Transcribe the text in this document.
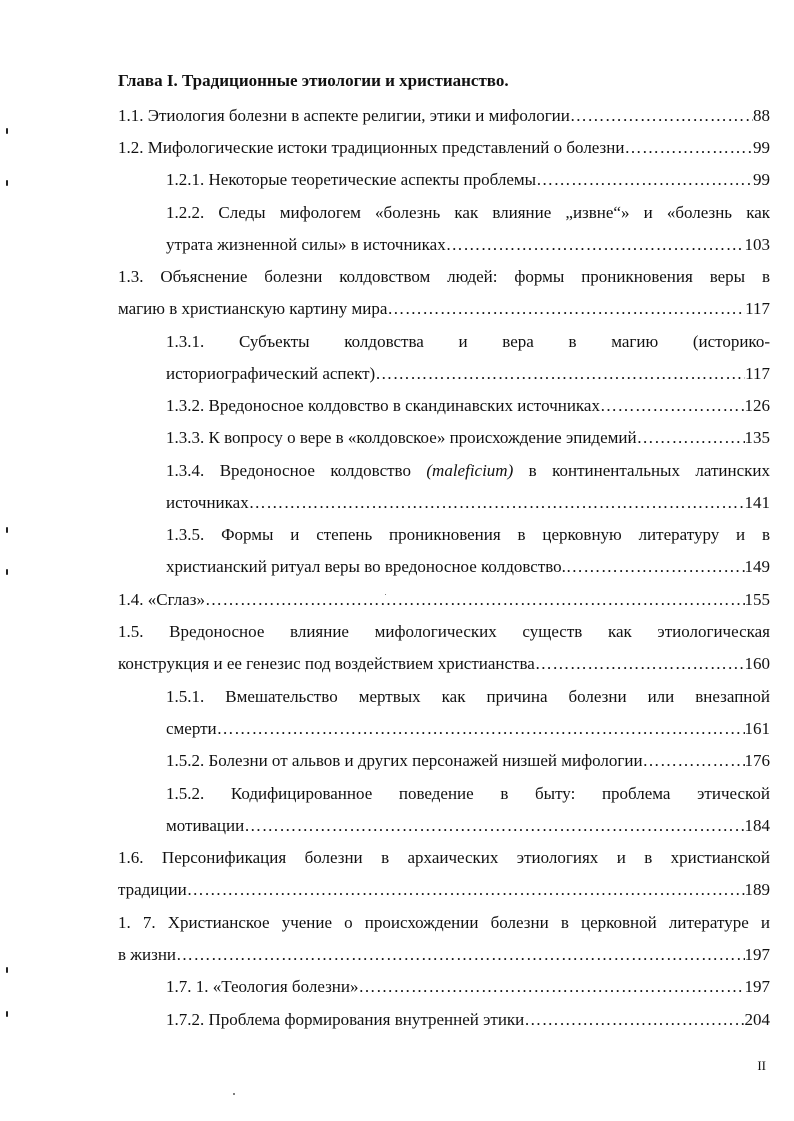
Глава I. Традиционные этиологии и христианство.
1.1. Этиология болезни в аспекте религии, этики и мифологии …………………………………………………………………………………………………………………………………………………………………………………………………………………………	88
1.2. Мифологические истоки традиционных представлений о болезни …………………………………………………………………………………………………………………………………………………………………………………………………………………………	99
1.2.1. Некоторые теоретические аспекты проблемы …………………………………………………………………………………………………………………………………………………………………………………………………………………………	99
1.2.2. Следы мифологем «болезнь как влияние „извне“» и «болезнь как
утрата жизненной силы» в источниках …………………………………………………………………………………………………………………………………………………………………………………………………………………………	103
1.3. Объяснение болезни колдовством людей: формы проникновения веры в
магию в христианскую картину мира …………………………………………………………………………………………………………………………………………………………………………………………………………………………	117
1.3.1. Субъекты колдовства и вера в магию (историко-
историографический аспект) …………………………………………………………………………………………………………………………………………………………………………………………………………………………	117
1.3.2. Вредоносное колдовство в скандинавских источниках …………………………………………………………………………………………………………………………………………………………………………………………………………………………	126
1.3.3. К вопросу о вере в «колдовское» происхождение эпидемий …………………………………………………………………………………………………………………………………………………………………………………………………………………………	135
1.3.4. Вредоносное колдовство (maleficium) в континентальных латинских
источниках …………………………………………………………………………………………………………………………………………………………………………………………………………………………	141
1.3.5. Формы и степень проникновения в церковную литературу и в
христианский ритуал веры во вредоносное колдовство. …………………………………………………………………………………………………………………………………………………………………………………………………………………………	149
1.4. «Сглаз» …………………………………………………………………………………………………………………………………………………………………………………………………………………………	155
1.5. Вредоносное влияние мифологических существ как этиологическая
конструкция и ее генезис под воздействием христианства …………………………………………………………………………………………………………………………………………………………………………………………………………………………	160
1.5.1. Вмешательство мертвых как причина болезни или внезапной
смерти …………………………………………………………………………………………………………………………………………………………………………………………………………………………	161
1.5.2. Болезни от альвов и других персонажей низшей мифологии …………………………………………………………………………………………………………………………………………………………………………………………………………………………	176
1.5.2. Кодифицированное поведение в быту: проблема этической
мотивации …………………………………………………………………………………………………………………………………………………………………………………………………………………………	184
1.6. Персонификация болезни в архаических этиологиях и в христианской
традиции …………………………………………………………………………………………………………………………………………………………………………………………………………………………	189
1. 7. Христианское учение о происхождении болезни в церковной литературе и
в жизни …………………………………………………………………………………………………………………………………………………………………………………………………………………………	197
1.7. 1. «Теология болезни» …………………………………………………………………………………………………………………………………………………………………………………………………………………………	197
1.7.2. Проблема формирования внутренней этики …………………………………………………………………………………………………………………………………………………………………………………………………………………………	204
II
